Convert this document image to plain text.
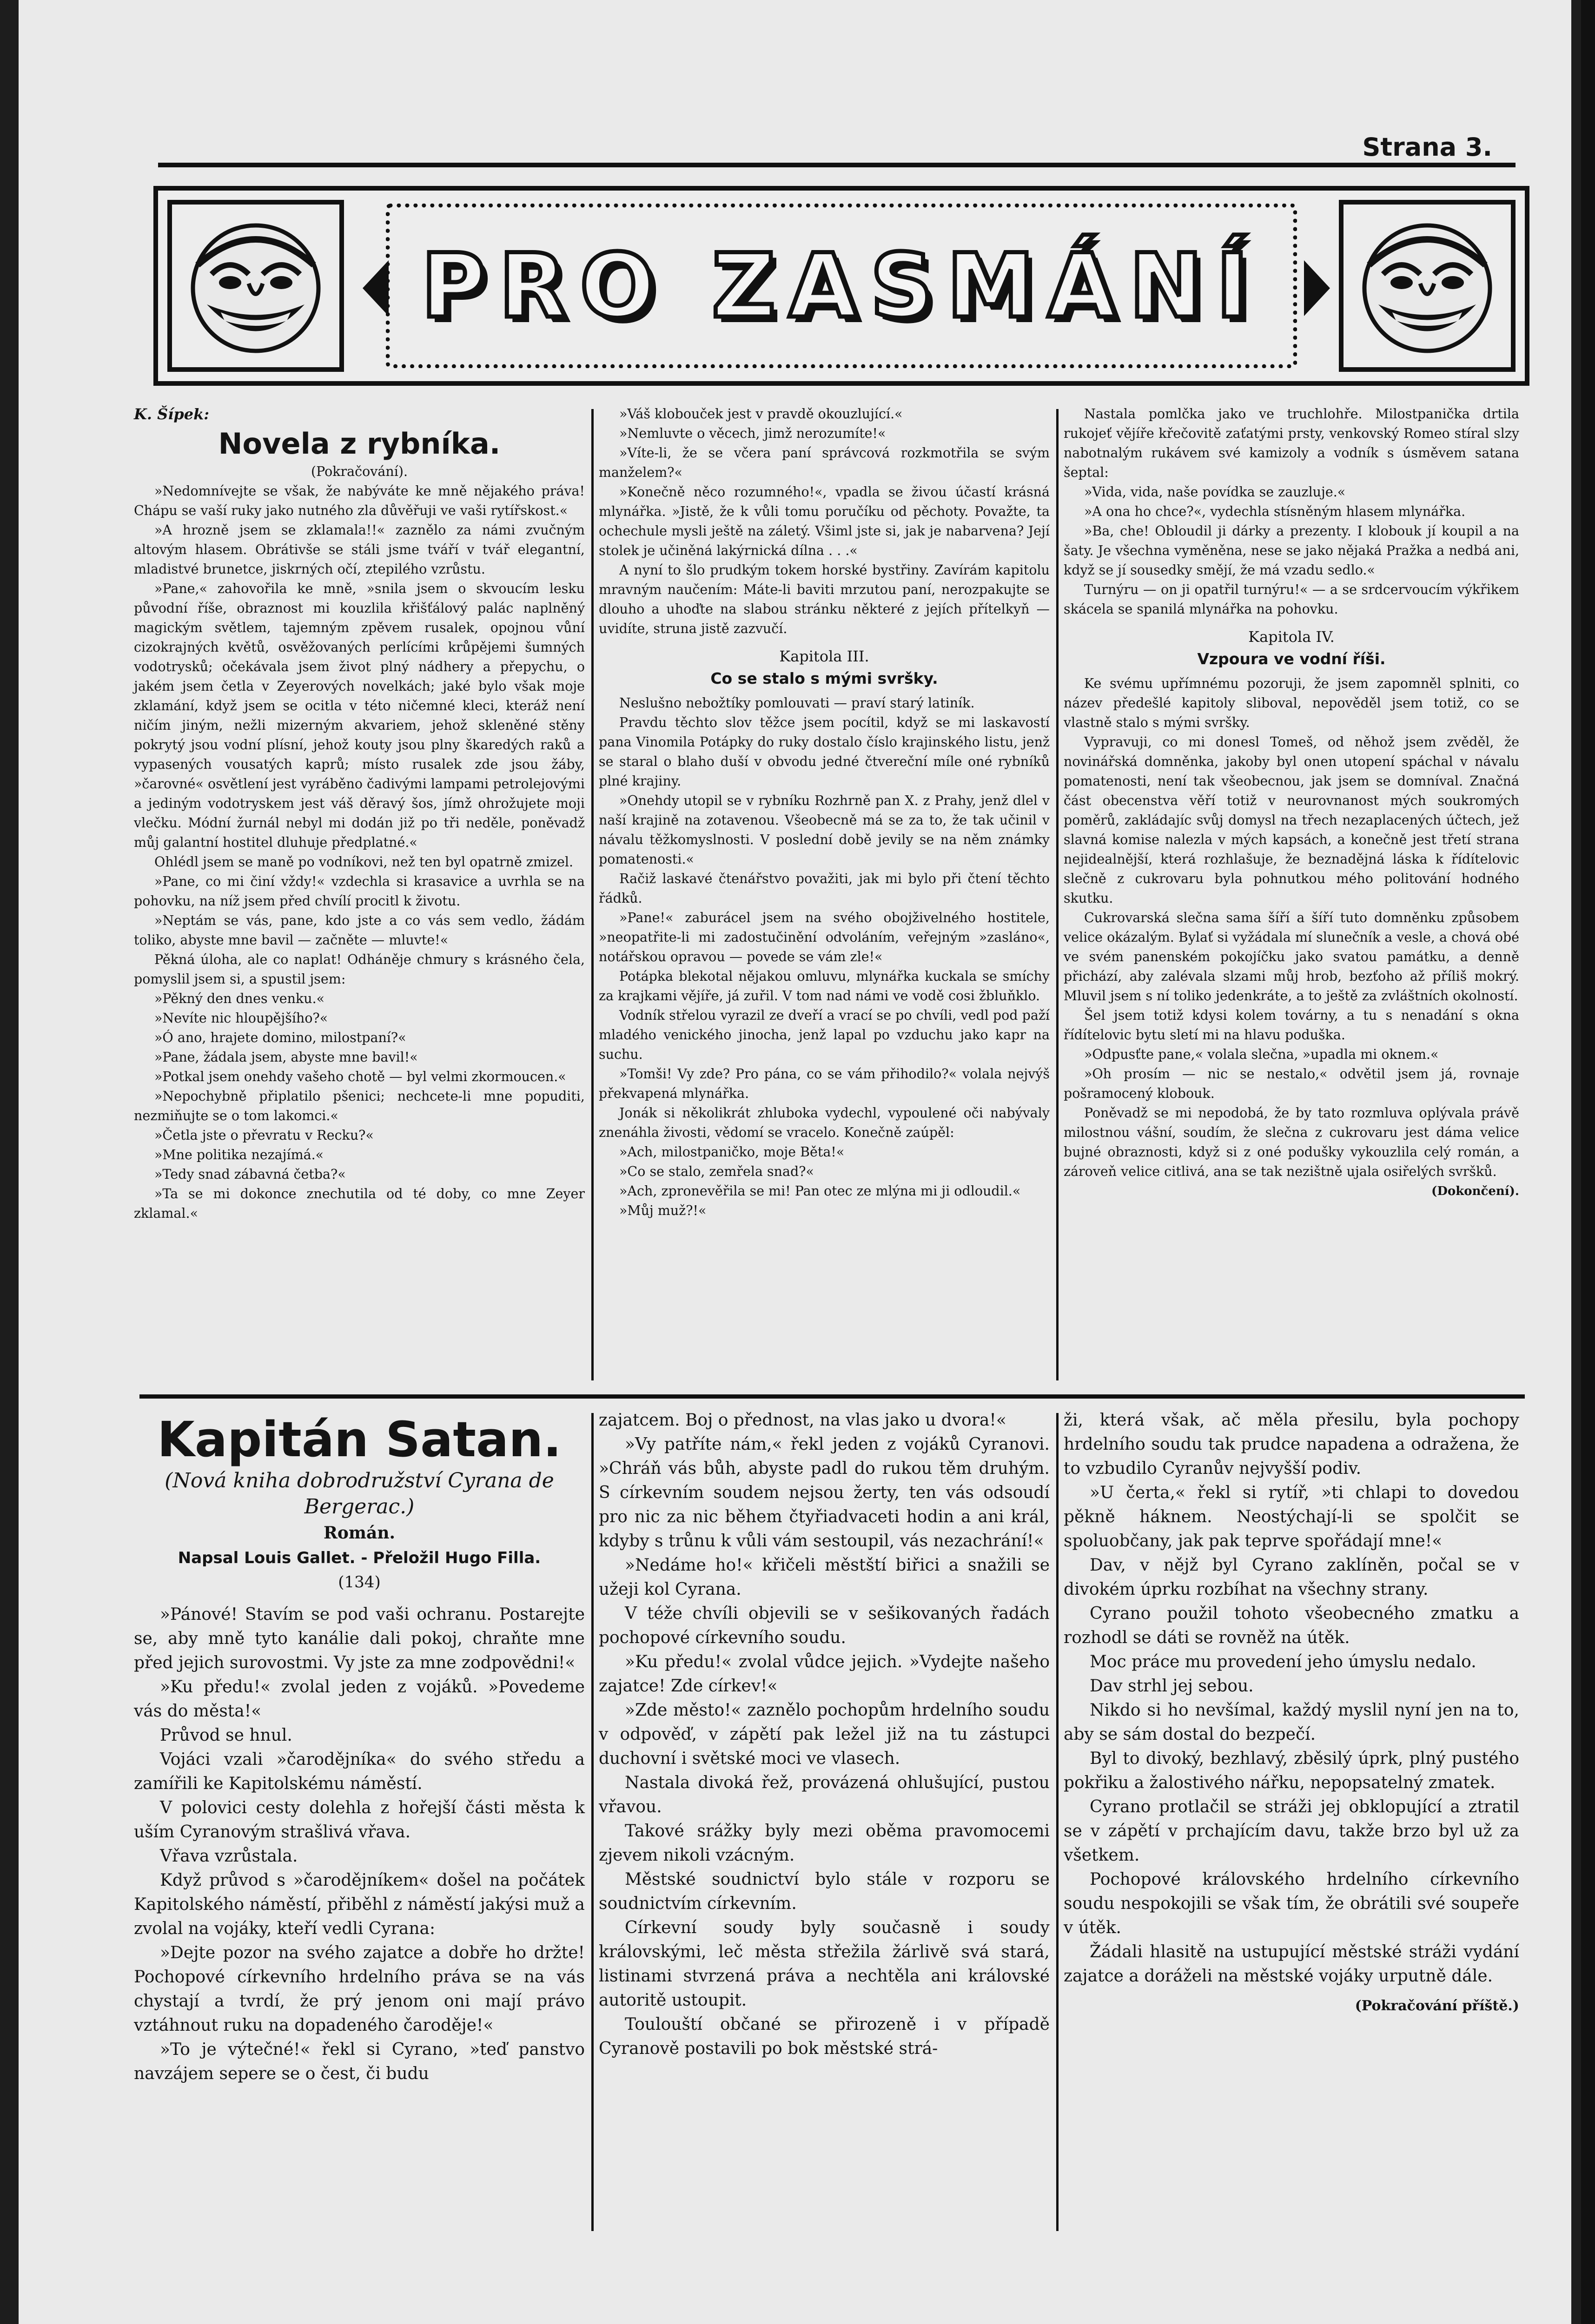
Strana 3.
PRO ZASMÁNÍ
K. Šípek:
Novela z rybníka.

(Pokračování).

»Nedomnívejte se však, že nabýváte ke mně nějakého práva! Chápu se vaší ruky jako nutného zla důvěřuji ve vaši rytířskost.«

»A hrozně jsem se zklamala!!« zaznělo za námi zvučným altovým hlasem. Obrátivše se stáli jsme tváří v tvář elegantní, mladistvé brunetce, jiskrných očí, ztepilého vzrůstu.

»Pane,« zahovořila ke mně, »snila jsem o skvoucím lesku původní říše, obraznost mi kouzlila křišťálový palác naplněný magickým světlem, tajemným zpěvem rusalek, opojnou vůní cizokrajných květů, osvěžovaných perlícími krůpějemi šumných vodotrysků; očekávala jsem život plný nádhery a přepychu, o jakém jsem četla v Zeyerových novelkách; jaké bylo však moje zklamání, když jsem se ocitla v této ničemné kleci, kteráž není ničím jiným, nežli mizerným akvariem, jehož skleněné stěny pokrytý jsou vodní plísní, jehož kouty jsou plny škaredých raků a vypasených vousatých kaprů; místo rusalek zde jsou žáby, »čarovné« osvětlení jest vyráběno čadivými lampami petrolejovými a jediným vodotryskem jest váš děravý šos, jímž ohrožujete moji vlečku. Módní žurnál nebyl mi dodán již po tři neděle, poněvadž můj galantní hostitel dluhuje předplatné.«

Ohlédl jsem se maně po vodníkovi, než ten byl opatrně zmizel.

»Pane, co mi činí vždy!« vzdechla si krasavice a uvrhla se na pohovku, na níž jsem před chvílí procitl k životu.

»Neptám se vás, pane, kdo jste a co vás sem vedlo, žádám toliko, abyste mne bavil — začněte — mluvte!«

Pěkná úloha, ale co naplat! Odháněje chmury s krásného čela, pomyslil jsem si, a spustil jsem:

»Pěkný den dnes venku.«

»Nevíte nic hloupějšího?«

»Ó ano, hrajete domino, milostpaní?«

»Pane, žádala jsem, abyste mne bavil!«

»Potkal jsem onehdy vašeho chotě — byl velmi zkormoucen.«

»Nepochybně připlatilo pšenici; nechcete-li mne popuditi, nezmiňujte se o tom lakomci.«

»Četla jste o převratu v Recku?«

»Mne politika nezajímá.«

»Tedy snad zábavná četba?«

»Ta se mi dokonce znechutila od té doby, co mne Zeyer zklamal.«

»Váš klobouček jest v pravdě okouzlující.«

»Nemluvte o věcech, jimž nerozumíte!«

»Víte-li, že se včera paní správcová rozkmotřila se svým manželem?«

»Konečně něco rozumného!«, vpadla se živou účastí krásná mlynářka. »Jistě, že k vůli tomu poručíku od pěchoty. Považte, ta ochechule mysli ještě na záletý. Všiml jste si, jak je nabarvena? Její stolek je učiněná lakýrnická dílna . . .«

A nyní to šlo prudkým tokem horské bystřiny. Zavírám kapitolu mravným naučením: Máte-li baviti mrzutou paní, nerozpakujte se dlouho a uhoďte na slabou stránku některé z jejích přítelkyň — uvidíte, struna jistě zazvučí.

Kapitola III.
Co se stalo s mými svršky.

Neslušno nebožtíky pomlouvati — praví starý latiník.

Pravdu těchto slov těžce jsem pocítil, když se mi laskavostí pana Vinomila Potápky do ruky dostalo číslo krajinského listu, jenž se staral o blaho duší v obvodu jedné čtvereční míle oné rybníků plné krajiny.

»Onehdy utopil se v rybníku Rozhrně pan X. z Prahy, jenž dlel v naší krajině na zotavenou. Všeobecně má se za to, že tak učinil v návalu těžkomyslnosti. V poslední době jevily se na něm známky pomatenosti.«

Račiž laskavé čtenářstvo považiti, jak mi bylo při čtení těchto řádků.

»Pane!« zaburácel jsem na svého obojživelného hostitele, »neopatřite-li mi zadostučinění odvoláním, veřejným »zasláno«, notářskou opravou — povede se vám zle!«

Potápka blekotal nějakou omluvu, mlynářka kuckala se smíchy za krajkami vějíře, já zuřil. V tom nad námi ve vodě cosi žbluňklo.

Vodník střelou vyrazil ze dveří a vrací se po chvíli, vedl pod paží mladého venického jinocha, jenž lapal po vzduchu jako kapr na suchu.

»Tomši! Vy zde? Pro pána, co se vám přihodilo?« volala nejvýš překvapená mlynářka.

Jonák si několikrát zhluboka vydechl, vypoulené oči nabývaly znenáhla živosti, vědomí se vracelo. Konečně zaúpěl:

»Ach, milostpaničko, moje Běta!«

»Co se stalo, zemřela snad?«

»Ach, zpronevěřila se mi! Pan otec ze mlýna mi ji odloudil.«

»Můj muž?!«

Nastala pomlčka jako ve truchlohře. Milostpanička drtila rukojeť vějíře křečovitě zaťatými prsty, venkovský Romeo stíral slzy nabotnalým rukávem své kamizoly a vodník s úsměvem satana šeptal:

»Vida, vida, naše povídka se zauzluje.«

»A ona ho chce?«, vydechla stísněným hlasem mlynářka.

»Ba, che! Obloudil ji dárky a prezenty. I klobouk jí koupil a na šaty. Je všechna vyměněna, nese se jako nějaká Pražka a nedbá ani, když se jí sousedky smějí, že má vzadu sedlo.«

Turnýru — on ji opatřil turnýru!« — a se srdcervoucím výkřikem skácela se spanilá mlynářka na pohovku.

Kapitola IV.
Vzpoura ve vodní říši.

Ke svému upřímnému pozoruji, že jsem zapomněl splniti, co název předešlé kapitoly sliboval, nepověděl jsem totiž, co se vlastně stalo s mými svršky.

Vypravuji, co mi donesl Tomeš, od něhož jsem zvěděl, že novinářská domněnka, jakoby byl onen utopení spáchal v návalu pomatenosti, není tak všeobecnou, jak jsem se domníval. Značná část obecenstva věří totiž v neurovnanost mých soukromých poměrů, zakládajíc svůj domysl na třech nezaplacených účtech, jež slavná komise nalezla v mých kapsách, a konečně jest třetí strana nejidealnější, která rozhlašuje, že beznadějná láska k řídítelovic slečně z cukrovaru byla pohnutkou mého politování hodného skutku.

Cukrovarská slečna sama šíří a šíří tuto domněnku způsobem velice okázalým. Bylať si vyžádala mí slunečník a vesle, a chová obé ve svém panenském pokojíčku jako svatou památku, a denně přichází, aby zalévala slzami můj hrob, bezťoho až příliš mokrý. Mluvil jsem s ní toliko jedenkráte, a to ještě za zvláštních okolností.

Šel jsem totiž kdysi kolem továrny, a tu s nenadání s okna řídítelovic bytu sletí mi na hlavu poduška.

»Odpusťte pane,« volala slečna, »upadla mi oknem.«

»Oh prosím — nic se nestalo,« odvětil jsem já, rovnaje pošramocený klobouk.

Poněvadž se mi nepodobá, že by tato rozmluva oplývala právě milostnou vášní, soudím, že slečna z cukrovaru jest dáma velice bujné obraznosti, když si z oné poduškу vykouzlila celý román, a zároveň velice citlivá, ana se tak nezištně ujala osiřelých svršků.

(Dokončení).
Kapitán Satan.
(Nová kniha dobrodružství Cyrana de Bergerac.)
Román.
Napsal Louis Gallet. - Přeložil Hugo Filla.
(134)

»Pánové! Stavím se pod vaši ochranu. Postarejte se, aby mně tyto kanálie dali pokoj, chraňte mne před jejich surovostmi. Vy jste za mne zodpovědni!«

»Ku předu!« zvolal jeden z vojáků. »Povedeme vás do města!«

Průvod se hnul.

Vojáci vzali »čarodějníka« do svého středu a zamířili ke Kapitolskému náměstí.

V polovici cesty dolehla z hořejší části města k uším Cyranovým strašlivá vřava.

Vřava vzrůstala.

Když průvod s »čarodějníkem« došel na počátek Kapitolského náměstí, přiběhl z náměstí jakýsi muž a zvolal na vojáky, kteří vedli Cyrana:

»Dejte pozor na svého zajatce a dobře ho držte! Pochopové církevního hrdelního práva se na vás chystají a tvrdí, že prý jenom oni mají právo vztáhnout ruku na dopadeného čaroděje!«

»To je výtečné!« řekl si Cyrano, »teď panstvo navzájem sepere se o čest, či budu

zajatcem. Boj o přednost, na vlas jako u dvora!«

»Vy patříte nám,« řekl jeden z vojáků Cyranovi. »Chráň vás bůh, abyste padl do rukou těm druhým. S církevním soudem nejsou žerty, ten vás odsoudí pro nic za nic během čtyřiadvaceti hodin a ani král, kdyby s trůnu k vůli vám sestoupil, vás nezachrání!«

»Nedáme ho!« křičeli městští biřici a snažili se užeji kol Cyrana.

V téže chvíli objevili se v sešikovaných řadách pochopové církevního soudu.

»Ku předu!« zvolal vůdce jejich. »Vydejte našeho zajatce! Zde církev!«

»Zde město!« zaznělo pochopům hrdelního soudu v odpověď, v zápětí pak ležel již na tu zástupci duchovní i světské moci ve vlasech.

Nastala divoká řež, provázená ohlušující, pustou vřavou.

Takové srážky byly mezi oběma pravomocemi zjevem nikoli vzácným.

Městské soudnictví bylo stále v rozporu se soudnictvím církevním.

Církevní soudy byly současně i soudy královskými, leč města střežila žárlivě svá stará, listinami stvrzená práva a nechtěla ani královské autoritě ustoupit.

Toulouští občané se přirozeně i v případě Cyranově postavili po bok městské strá-

ži, která však, ač měla přesilu, byla pochopy hrdelního soudu tak prudce napadena a odražena, že to vzbudilo Cyranův nejvyšší podiv.

»U čerta,« řekl si rytíř, »ti chlapi to dovedou pěkně háknem. Neostýchají-li se spolčit se spoluobčany, jak pak teprve spořádají mne!«

Dav, v nějž byl Cyrano zaklíněn, počal se v divokém úprku rozbíhat na všechny strany.

Cyrano použil tohoto všeobecného zmatku a rozhodl se dáti se rovněž na útěk.

Moc práce mu provedení jeho úmyslu nedalo.

Dav strhl jej sebou.

Nikdo si ho nevšímal, každý myslil nyní jen na to, aby se sám dostal do bezpečí.

Byl to divoký, bezhlavý, zběsilý úprk, plný pustého pokřiku a žalostivého nářku, nepopsatelný zmatek.

Cyrano protlačil se stráži jej obklopující a ztratil se v zápětí v prchajícím davu, takže brzo byl už za všetkem.

Pochopové královského hrdelního církevního soudu nespokojili se však tím, že obrátili své soupeře v útěk.

Žádali hlasitě na ustupující městské stráži vydání zajatce a doráželi na městské vojáky urputně dále.

(Pokračování příště.)
